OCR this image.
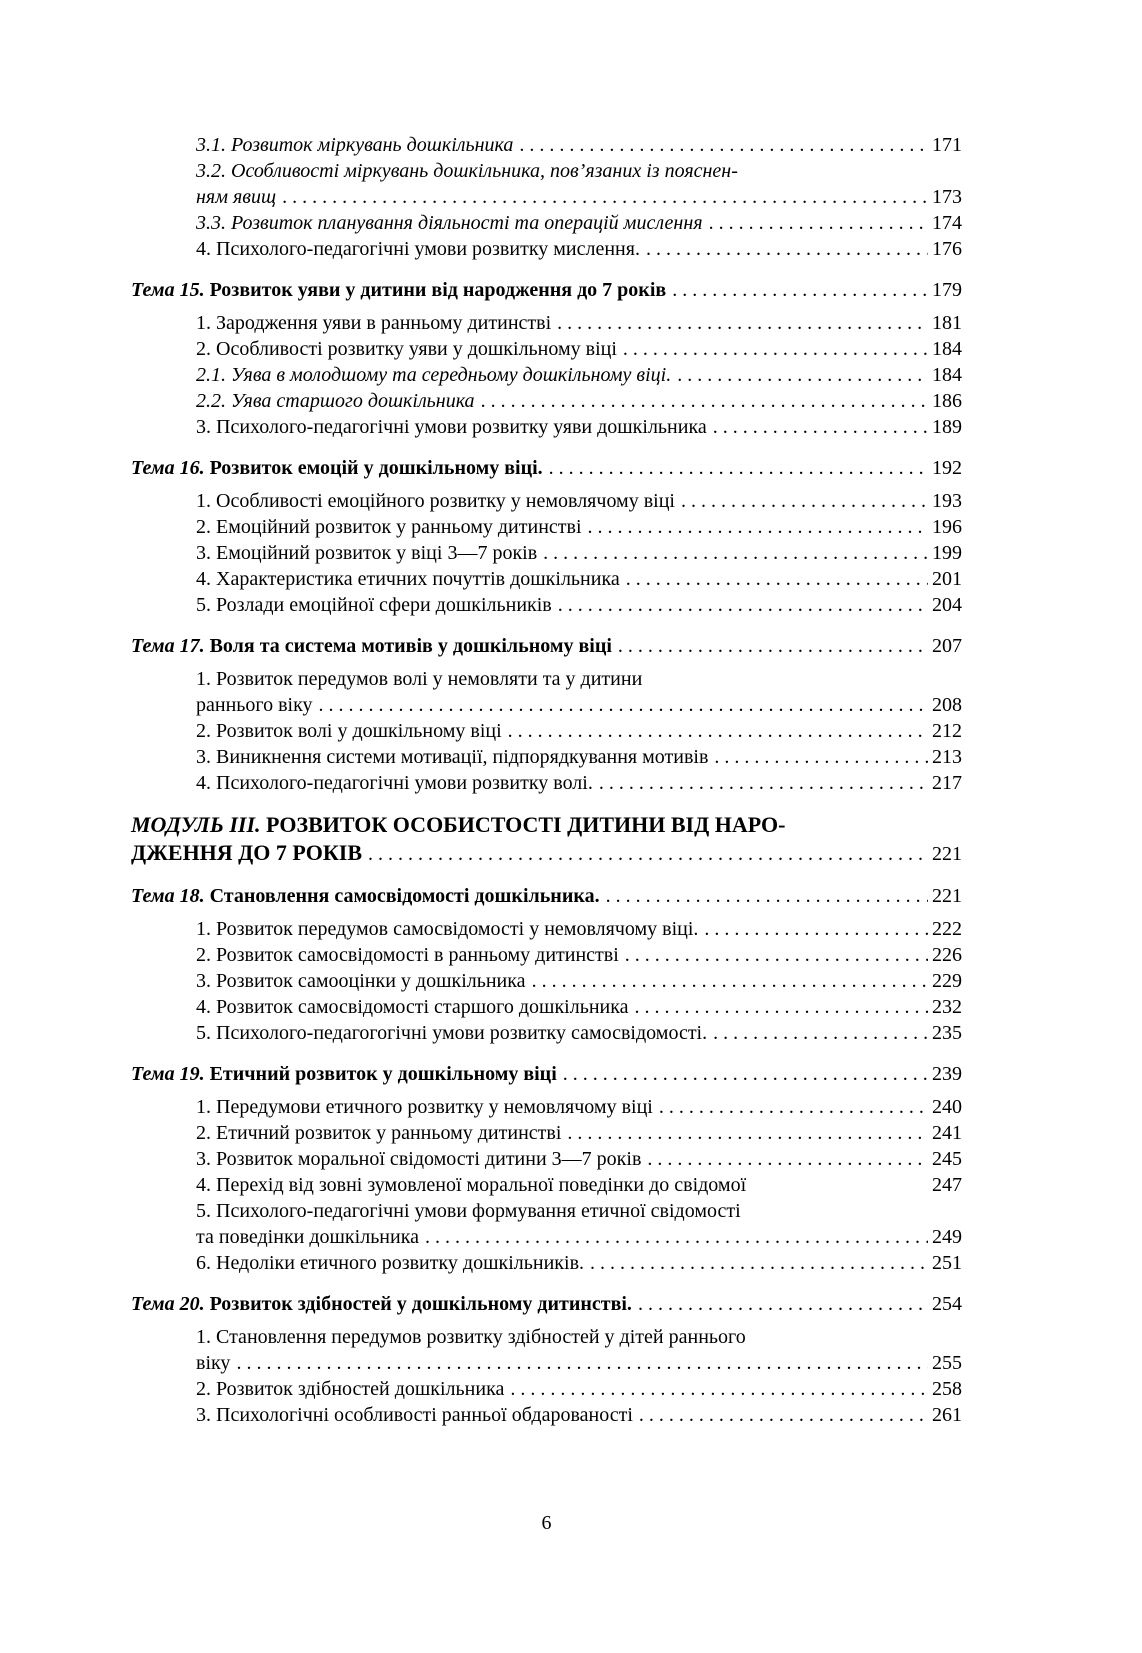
3.1. Розвиток міркувань дошкільника .....	171
3.2. Особливості міркувань дошкільника, пов’язаних із пояснен-
ням явищ .....	173
3.3. Розвиток планування діяльності та операцій мислення .....	174
4. Психолого-педагогічні умови розвитку мислення. .....	176
Тема 15. Розвиток уяви у дитини від народження до 7 років .....	179
1. Зародження уяви в ранньому дитинстві .....	181
2. Особливості розвитку уяви у дошкільному віці .....	184
2.1. Уява в молодшому та середньому дошкільному віці. .....	184
2.2. Уява старшого дошкільника .....	186
3. Психолого-педагогічні умови розвитку уяви дошкільника .....	189
Тема 16. Розвиток емоцій у дошкільному віці. .....	192
1. Особливості емоційного розвитку у немовлячому віці .....	193
2. Емоційний розвиток у ранньому дитинстві .....	196
3. Емоційний розвиток у віці 3—7 років .....	199
4. Характеристика етичних почуттів дошкільника .....	201
5. Розлади емоційної сфери дошкільників .....	204
Тема 17. Воля та система мотивів у дошкільному віці .....	207
1. Розвиток передумов волі у немовляти та у дитини
раннього віку .....	208
2. Розвиток волі у дошкільному віці .....	212
3. Виникнення системи мотивації, підпорядкування мотивів .....	213
4. Психолого-педагогічні умови розвитку волі. .....	217
МОДУЛЬ ІІІ. РОЗВИТОК ОСОБИСТОСТІ ДИТИНИ ВІД НАРО-
ДЖЕННЯ ДО 7 РОКІВ .....	221
Тема 18. Становлення самосвідомості дошкільника. .....	221
1. Розвиток передумов самосвідомості у немовлячому віці. .....	222
2. Розвиток самосвідомості в ранньому дитинстві .....	226
3. Розвиток самооцінки у дошкільника .....	229
4. Розвиток самосвідомості старшого дошкільника .....	232
5. Психолого-педагогогічні умови розвитку самосвідомості. .....	235
Тема 19. Етичний розвиток у дошкільному віці .....	239
1. Передумови етичного розвитку у немовлячому віці .....	240
2. Етичний розвиток у ранньому дитинстві .....	241
3. Розвиток моральної свідомості дитини 3—7 років .....	245
4. Перехід від зовні зумовленої моральної поведінки до свідомої	247
5. Психолого-педагогічні умови формування етичної свідомості
та поведінки дошкільника .....	249
6. Недоліки етичного розвитку дошкільників. .....	251
Тема 20. Розвиток здібностей у дошкільному дитинстві. .....	254
1. Становлення передумов розвитку здібностей у дітей раннього
віку .....	255
2. Розвиток здібностей дошкільника .....	258
3. Психологічні особливості ранньої обдарованості .....	261
6
